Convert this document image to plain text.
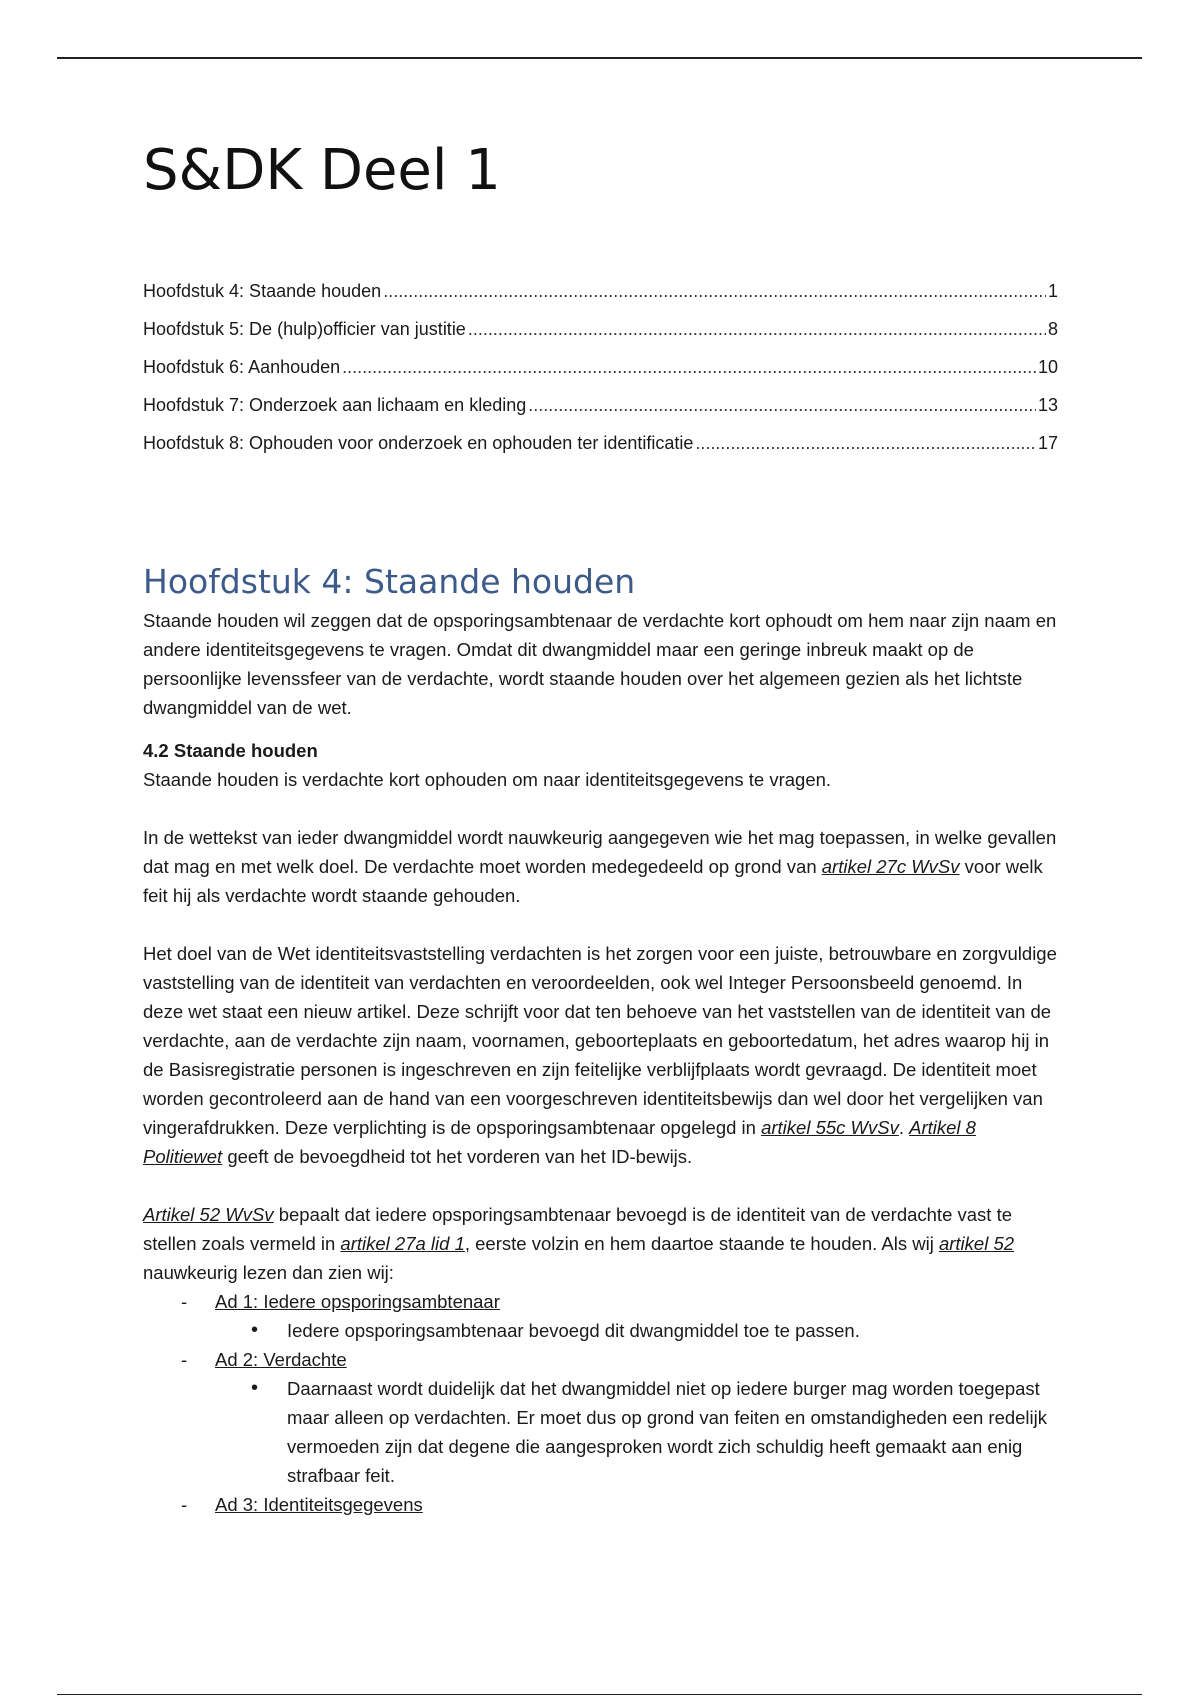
S&DK Deel 1
Hoofdstuk 4: Staande houden .....	1
Hoofdstuk 5: De (hulp)officier van justitie .....	8
Hoofdstuk 6: Aanhouden .....	10
Hoofdstuk 7: Onderzoek aan lichaam en kleding .....	13
Hoofdstuk 8: Ophouden voor onderzoek en ophouden ter identificatie .....	17
Hoofdstuk 4: Staande houden

Staande houden wil zeggen dat de opsporingsambtenaar de verdachte kort ophoudt om hem naar zijn naam en andere identiteitsgegevens te vragen. Omdat dit dwangmiddel maar een geringe inbreuk maakt op de persoonlijke levenssfeer van de verdachte, wordt staande houden over het algemeen gezien als het lichtste dwangmiddel van de wet.

4.2 Staande houden

Staande houden is verdachte kort ophouden om naar identiteitsgegevens te vragen.

In de wettekst van ieder dwangmiddel wordt nauwkeurig aangegeven wie het mag toepassen, in welke gevallen dat mag en met welk doel. De verdachte moet worden medegedeeld op grond van artikel 27c WvSv voor welk feit hij als verdachte wordt staande gehouden.

Het doel van de Wet identiteitsvaststelling verdachten is het zorgen voor een juiste, betrouwbare en zorgvuldige vaststelling van de identiteit van verdachten en veroordeelden, ook wel Integer Persoonsbeeld genoemd. In deze wet staat een nieuw artikel. Deze schrijft voor dat ten behoeve van het vaststellen van de identiteit van de verdachte, aan de verdachte zijn naam, voornamen, geboorteplaats en geboortedatum, het adres waarop hij in de Basisregistratie personen is ingeschreven en zijn feitelijke verblijfplaats wordt gevraagd. De identiteit moet worden gecontroleerd aan de hand van een voorgeschreven identiteitsbewijs dan wel door het vergelijken van vingerafdrukken. Deze verplichting is de opsporingsambtenaar opgelegd in artikel 55c WvSv. Artikel 8 Politiewet geeft de bevoegdheid tot het vorderen van het ID-bewijs.

Artikel 52 WvSv bepaalt dat iedere opsporingsambtenaar bevoegd is de identiteit van de verdachte vast te stellen zoals vermeld in artikel 27a lid 1, eerste volzin en hem daartoe staande te houden. Als wij artikel 52 nauwkeurig lezen dan zien wij:

- Ad 1: Iedere opsporingsambtenaar
• Iedere opsporingsambtenaar bevoegd dit dwangmiddel toe te passen.
- Ad 2: Verdachte
• Daarnaast wordt duidelijk dat het dwangmiddel niet op iedere burger mag worden toegepast maar alleen op verdachten. Er moet dus op grond van feiten en omstandigheden een redelijk vermoeden zijn dat degene die aangesproken wordt zich schuldig heeft gemaakt aan enig strafbaar feit.
- Ad 3: Identiteitsgegevens
